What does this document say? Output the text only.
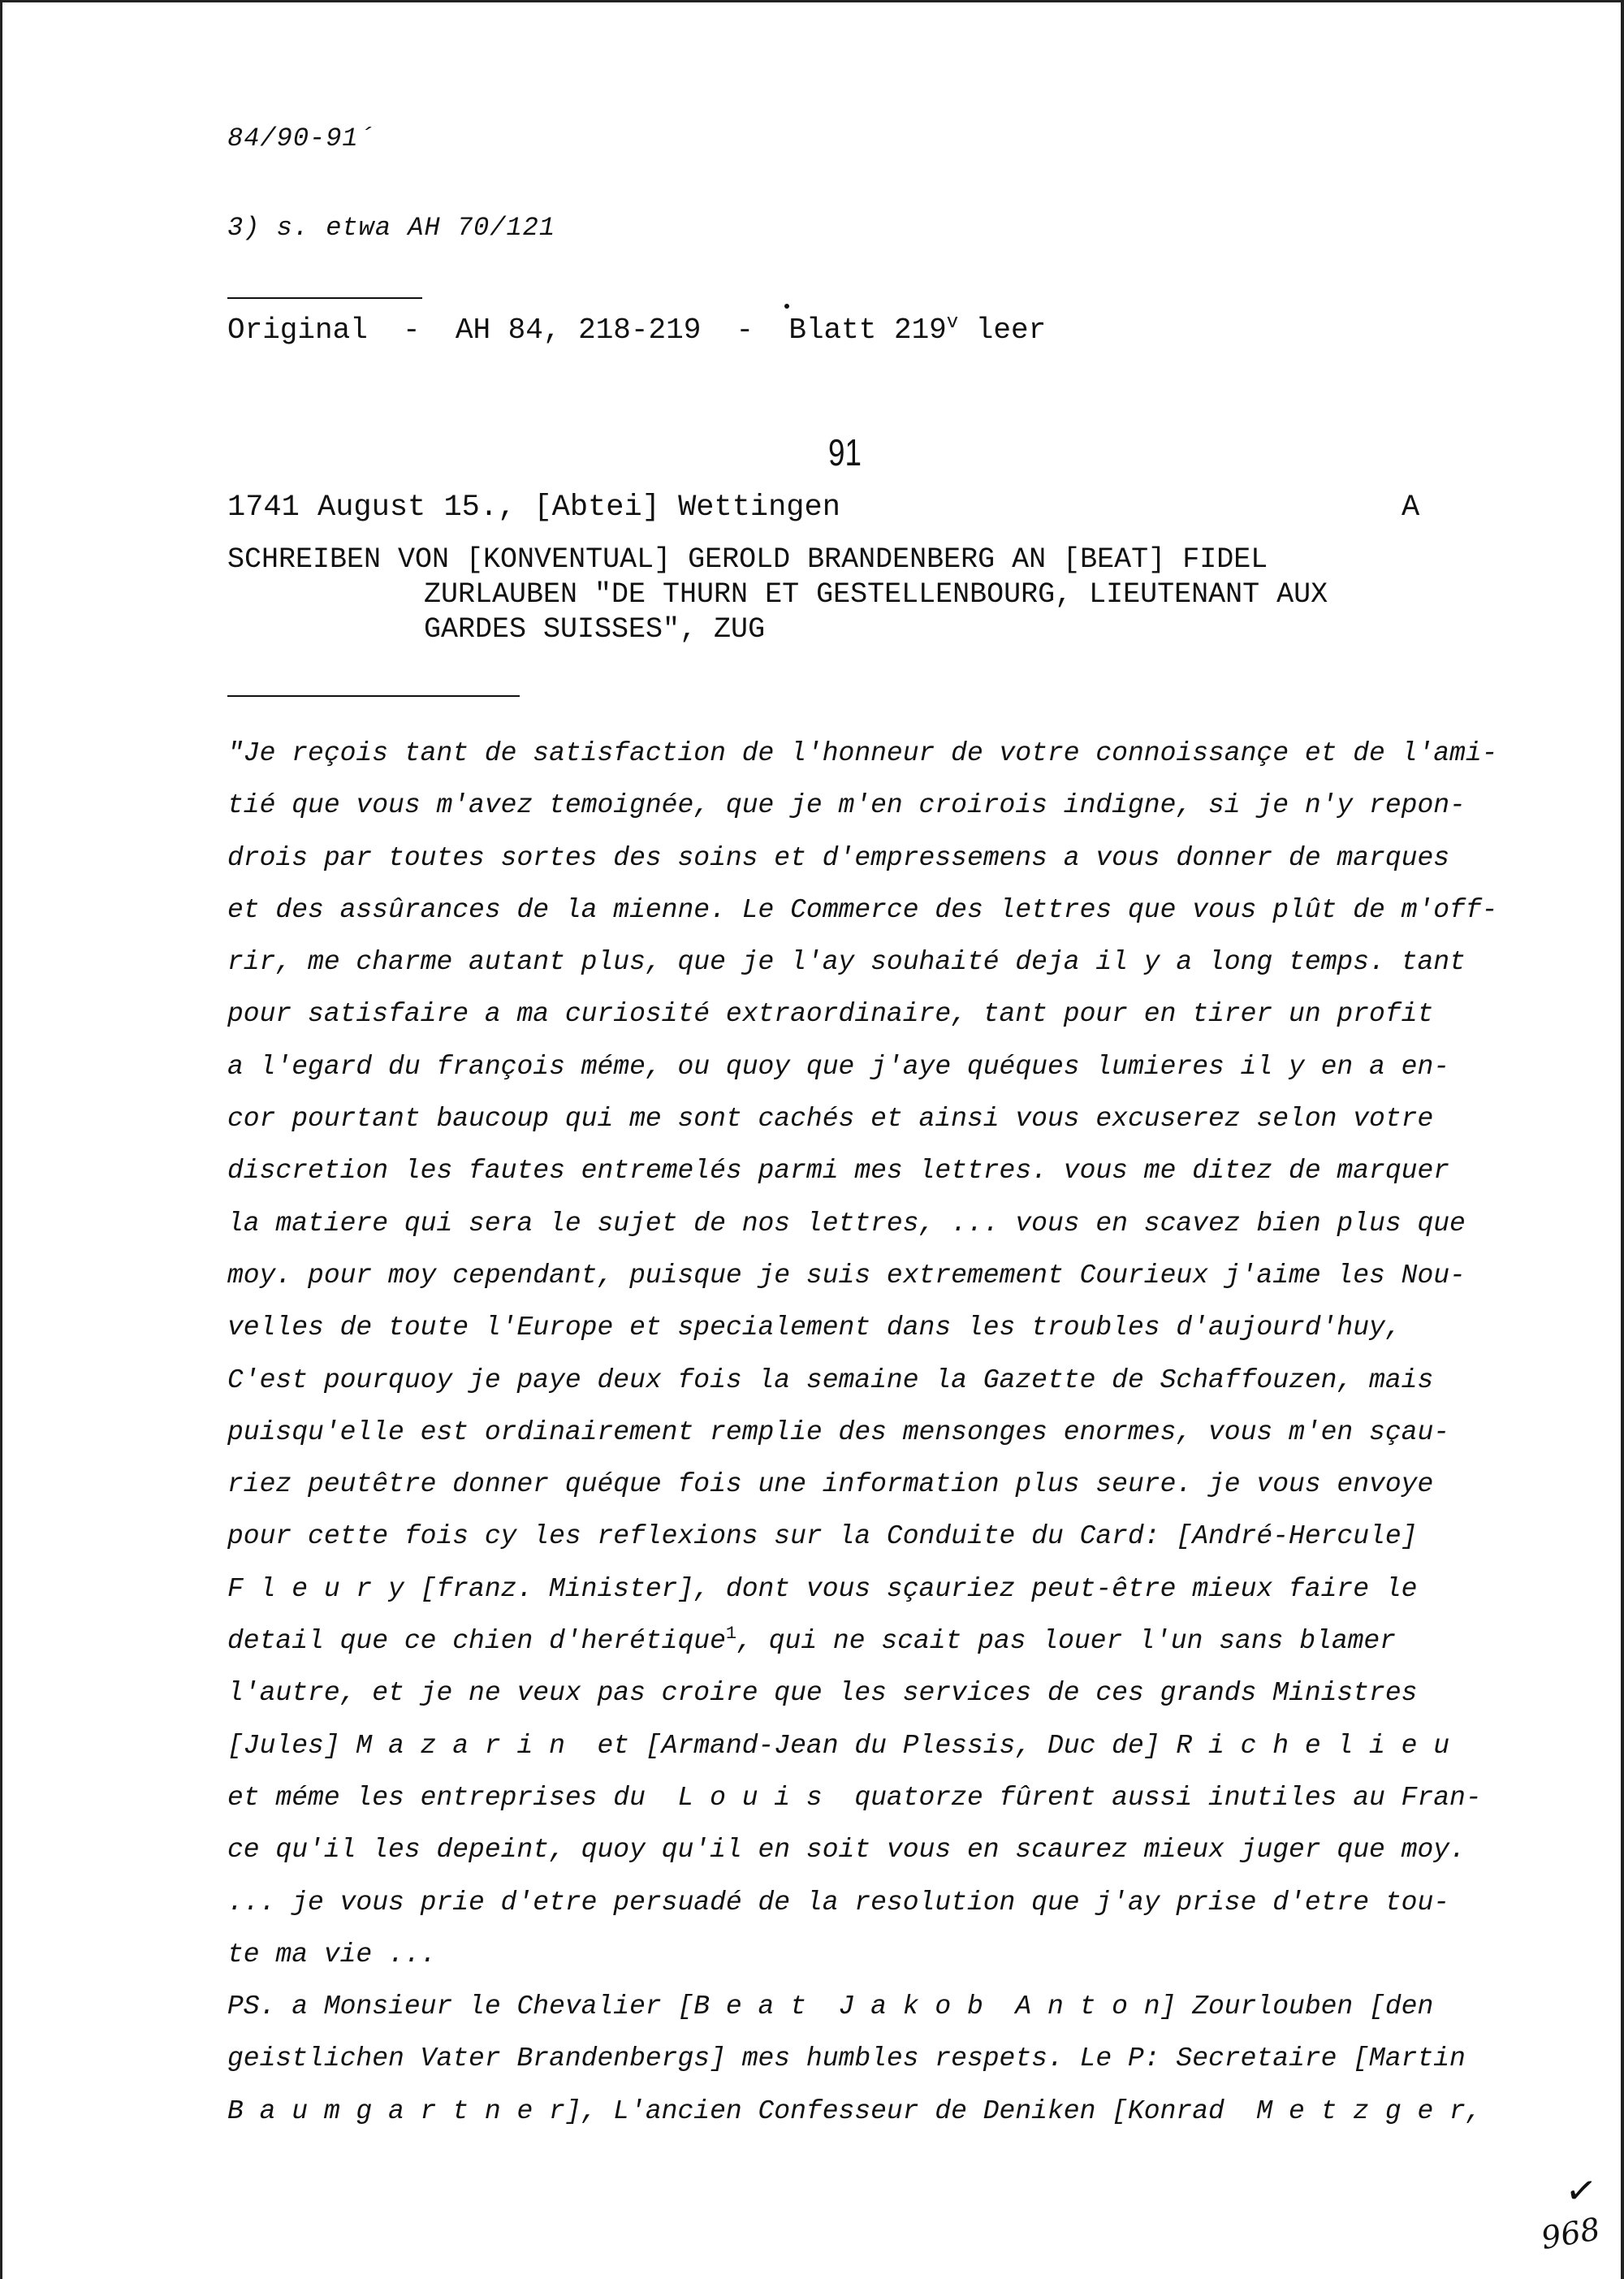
84/90-91´
3) s. etwa AH 70/121
Original  -  AH 84, 218-219  -  Blatt 219$^v$ leer
91
1741 August 15., [Abtei] Wettingen	A
SCHREIBEN VON [KONVENTUAL] GEROLD BRANDENBERG AN [BEAT] FIDEL
ZURLAUBEN "DE THURN ET GESTELLENBOURG, LIEUTENANT AUX
GARDES SUISSES", ZUG
"Je reçois tant de satisfaction de l'honneur de votre connoissançe et de l'ami-
tié que vous m'avez temoignée, que je m'en croirois indigne, si je n'y repon-
drois par toutes sortes des soins et d'empressemens a vous donner de marques
et des assûrances de la mienne. Le Commerce des lettres que vous plût de m'off-
rir, me charme autant plus, que je l'ay souhaité deja il y a long temps. tant
pour satisfaire a ma curiosité extraordinaire, tant pour en tirer un profit
a l'egard du françois méme, ou quoy que j'aye quéques lumieres il y en a en-
cor pourtant baucoup qui me sont cachés et ainsi vous excuserez selon votre
discretion les fautes entremelés parmi mes lettres. vous me ditez de marquer
la matiere qui sera le sujet de nos lettres, ... vous en scavez bien plus que
moy. pour moy cependant, puisque je suis extremement Courieux j'aime les Nou-
velles de toute l'Europe et specialement dans les troubles d'aujourd'huy,
C'est pourquoy je paye deux fois la semaine la Gazette de Schaffouzen, mais
puisqu'elle est ordinairement remplie des mensonges enormes, vous m'en sçau-
riez peutêtre donner quéque fois une information plus seure. je vous envoye
pour cette fois cy les reflexions sur la Conduite du Card: [André-Hercule]
F l e u r y [franz. Minister], dont vous sçauriez peut-être mieux faire le
detail que ce chien d'herétique$^1$, qui ne scait pas louer l'un sans blamer
l'autre, et je ne veux pas croire que les services de ces grands Ministres
[Jules] M a z a r i n  et [Armand-Jean du Plessis, Duc de] R i c h e l i e u
et méme les entreprises du  L o u i s  quatorze fûrent aussi inutiles au Fran-
ce qu'il les depeint, quoy qu'il en soit vous en scaurez mieux juger que moy.
... je vous prie d'etre persuadé de la resolution que j'ay prise d'etre tou-
te ma vie ...
PS. a Monsieur le Chevalier [B e a t  J a k o b  A n t o n] Zourlouben [den
geistlichen Vater Brandenbergs] mes humbles respets. Le P: Secretaire [Martin
B a u m g a r t n e r], L'ancien Confesseur de Deniken [Konrad  M e t z g e r,
✓
968
